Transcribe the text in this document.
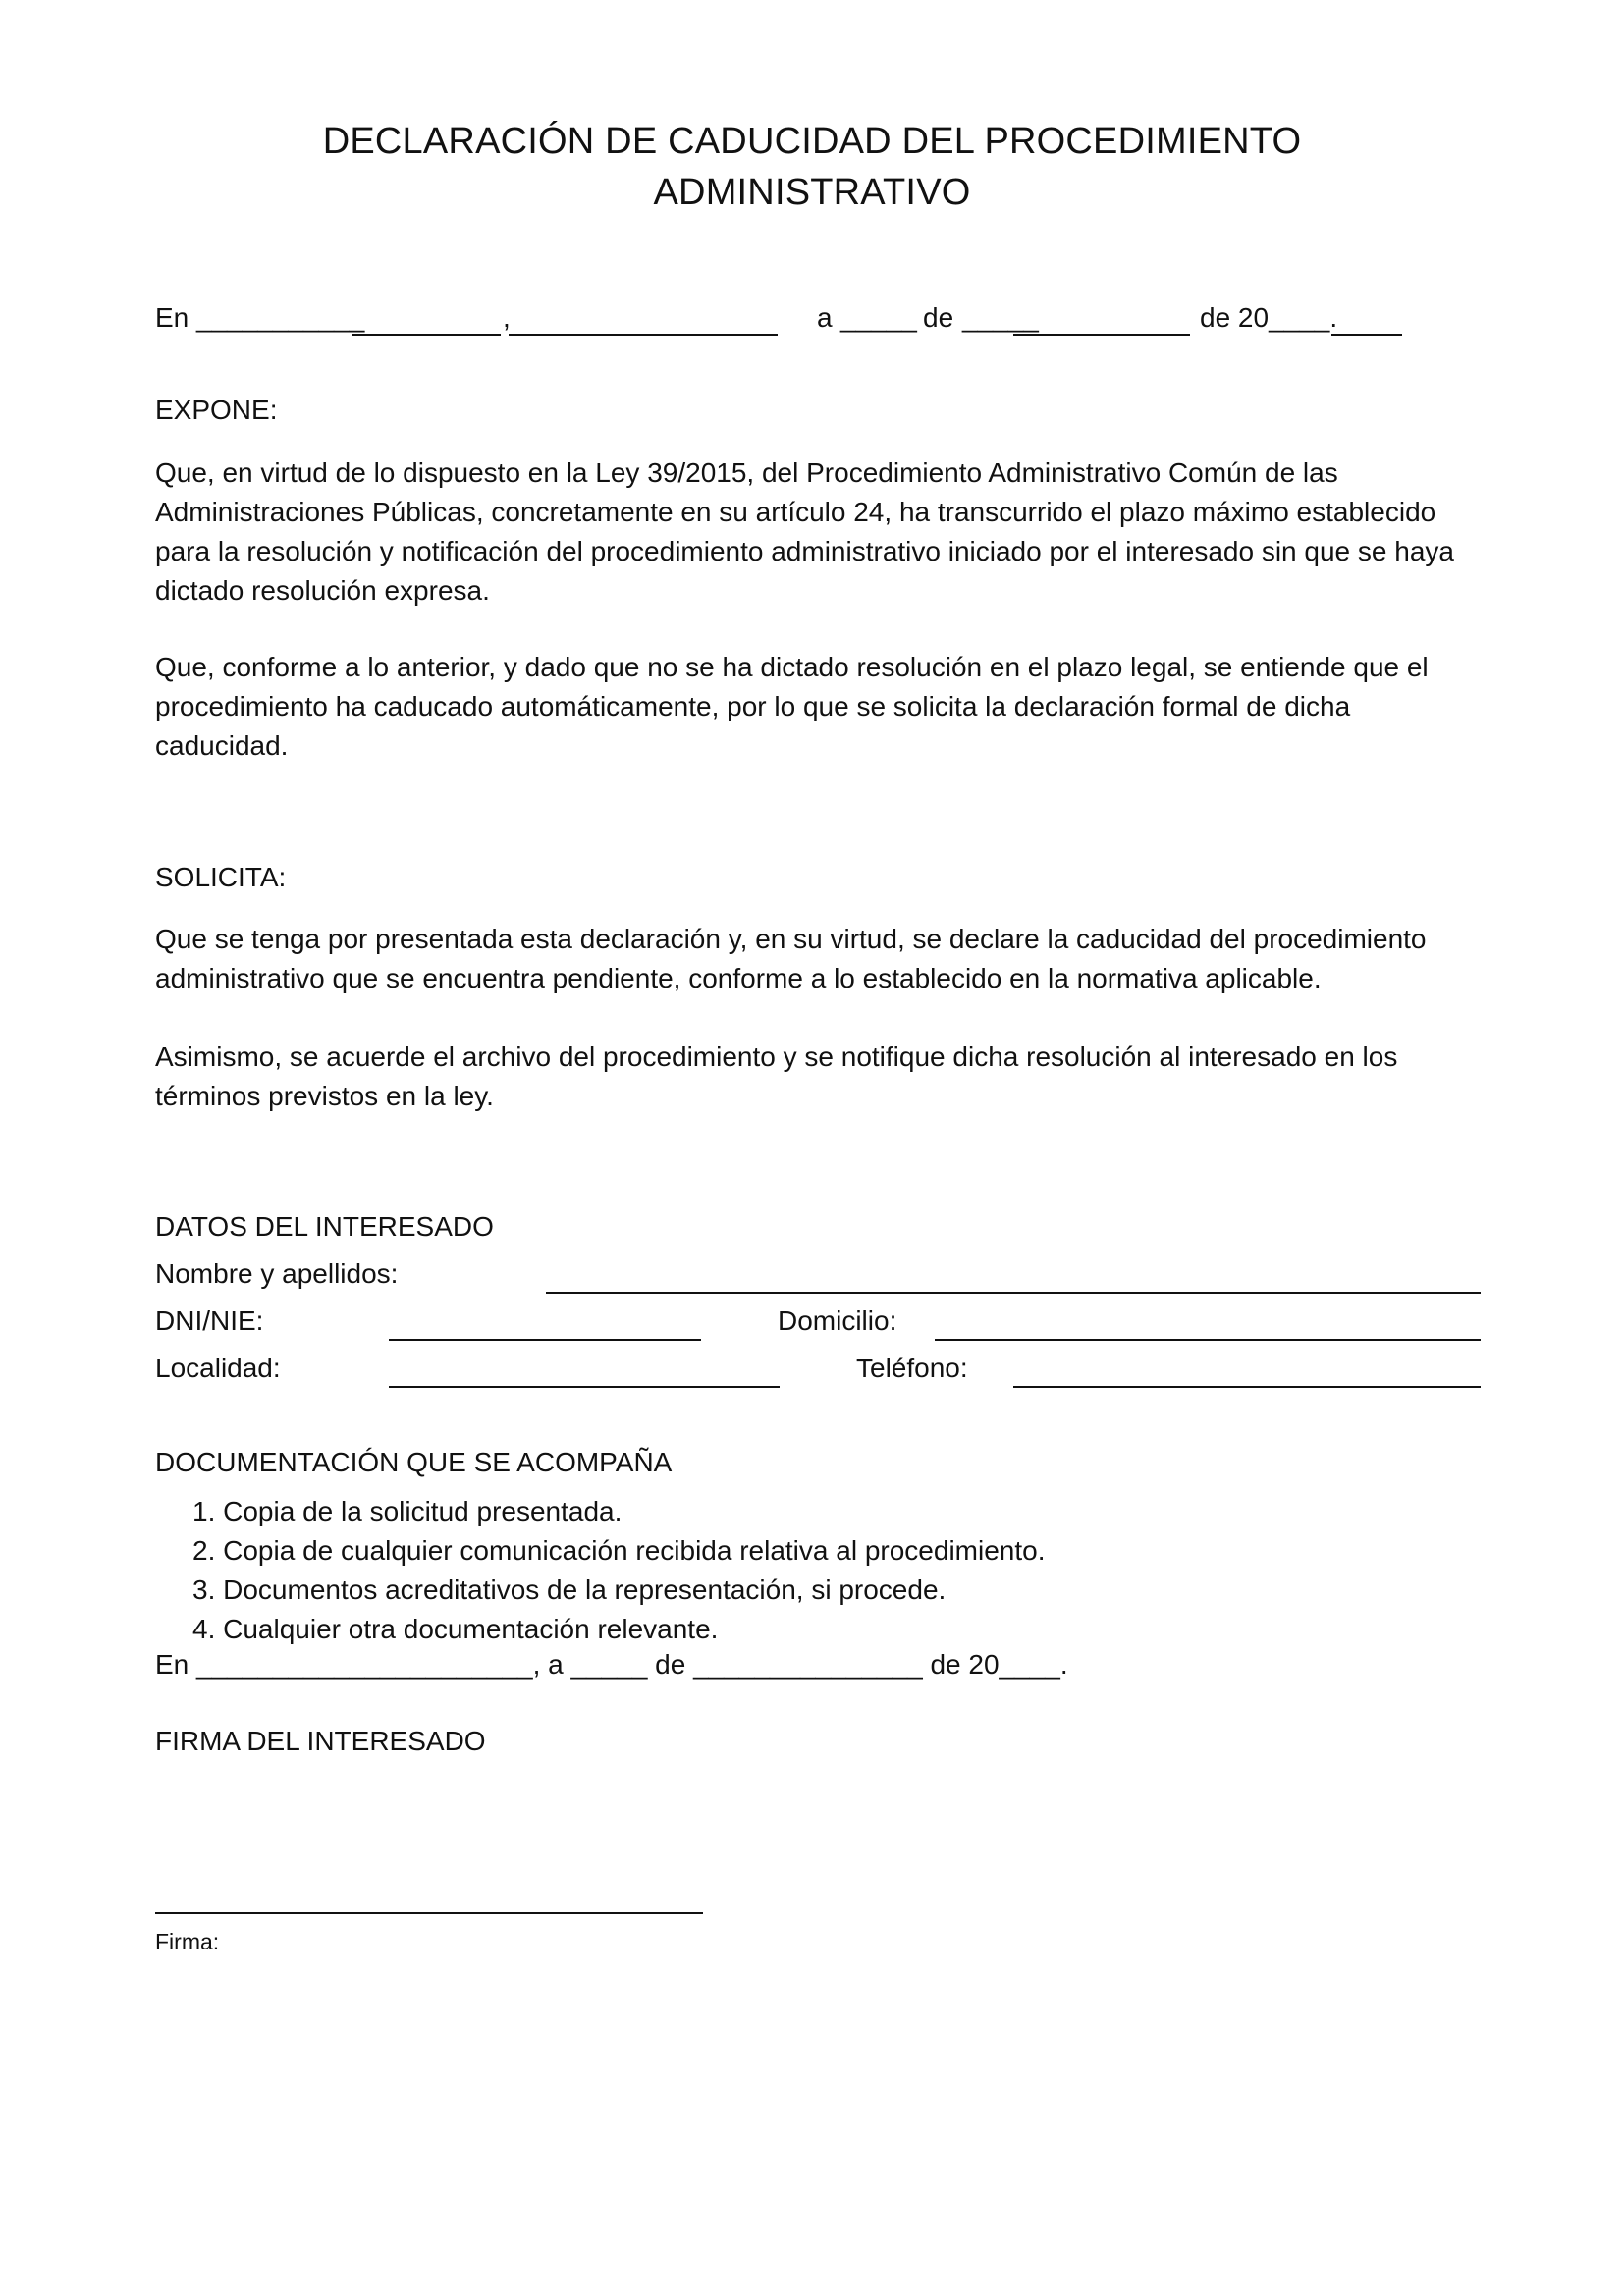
DECLARACIÓN DE CADUCIDAD DEL PROCEDIMIENTO
ADMINISTRATIVO
En ___________	,	a _____ de _____	de 20____.
EXPONE:
Que, en virtud de lo dispuesto en la Ley 39/2015, del Procedimiento Administrativo Común de las
Administraciones Públicas, concretamente en su artículo 24, ha transcurrido el plazo máximo establecido
para la resolución y notificación del procedimiento administrativo iniciado por el interesado sin que se haya
dictado resolución expresa.
Que, conforme a lo anterior, y dado que no se ha dictado resolución en el plazo legal, se entiende que el
procedimiento ha caducado automáticamente, por lo que se solicita la declaración formal de dicha
caducidad.
SOLICITA:
Que se tenga por presentada esta declaración y, en su virtud, se declare la caducidad del procedimiento
administrativo que se encuentra pendiente, conforme a lo establecido en la normativa aplicable.
Asimismo, se acuerde el archivo del procedimiento y se notifique dicha resolución al interesado en los
términos previstos en la ley.
DATOS DEL INTERESADO
Nombre y apellidos:
DNI/NIE:	Domicilio:
Localidad:	Teléfono:
DOCUMENTACIÓN QUE SE ACOMPAÑA
1. Copia de la solicitud presentada.
2. Copia de cualquier comunicación recibida relativa al procedimiento.
3. Documentos acreditativos de la representación, si procede.
4. Cualquier otra documentación relevante.
En ______________________, a _____ de _______________ de 20____.
FIRMA DEL INTERESADO
Firma:
